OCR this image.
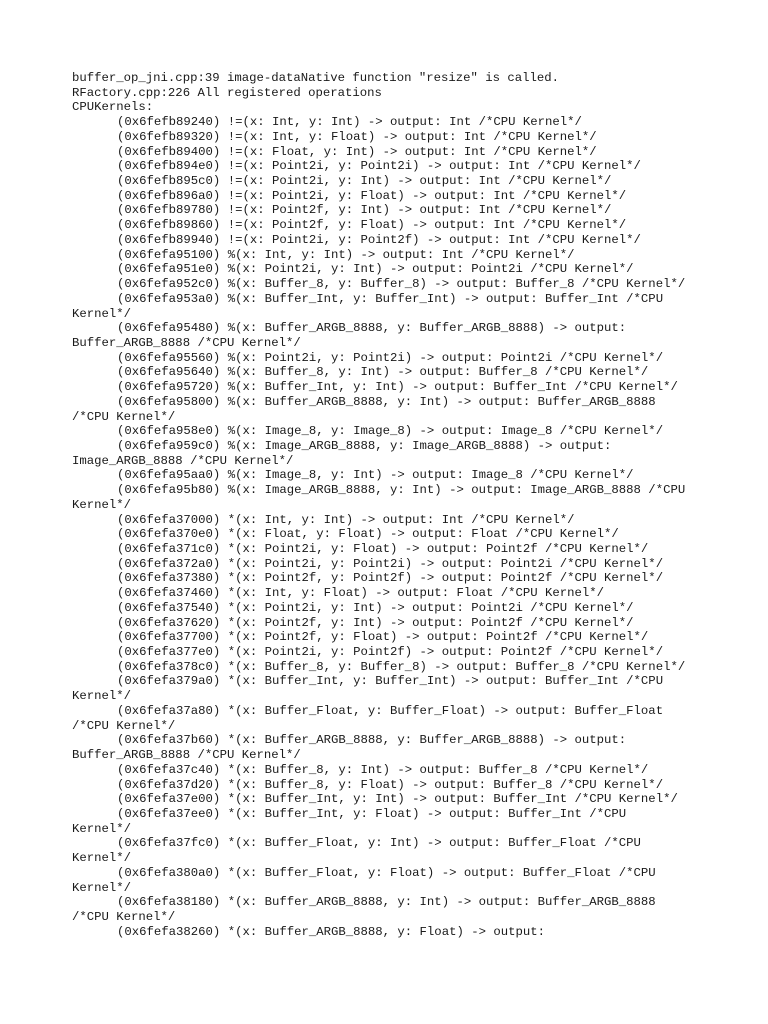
buffer_op_jni.cpp:39 image-dataNative function "resize" is called.
RFactory.cpp:226 All registered operations
CPUKernels:
(0x6fefb89240) !=(x: Int, y: Int) -> output: Int /*CPU Kernel*/
(0x6fefb89320) !=(x: Int, y: Float) -> output: Int /*CPU Kernel*/
(0x6fefb89400) !=(x: Float, y: Int) -> output: Int /*CPU Kernel*/
(0x6fefb894e0) !=(x: Point2i, y: Point2i) -> output: Int /*CPU Kernel*/
(0x6fefb895c0) !=(x: Point2i, y: Int) -> output: Int /*CPU Kernel*/
(0x6fefb896a0) !=(x: Point2i, y: Float) -> output: Int /*CPU Kernel*/
(0x6fefb89780) !=(x: Point2f, y: Int) -> output: Int /*CPU Kernel*/
(0x6fefb89860) !=(x: Point2f, y: Float) -> output: Int /*CPU Kernel*/
(0x6fefb89940) !=(x: Point2i, y: Point2f) -> output: Int /*CPU Kernel*/
(0x6fefa95100) %(x: Int, y: Int) -> output: Int /*CPU Kernel*/
(0x6fefa951e0) %(x: Point2i, y: Int) -> output: Point2i /*CPU Kernel*/
(0x6fefa952c0) %(x: Buffer_8, y: Buffer_8) -> output: Buffer_8 /*CPU Kernel*/
(0x6fefa953a0) %(x: Buffer_Int, y: Buffer_Int) -> output: Buffer_Int /*CPU
Kernel*/
(0x6fefa95480) %(x: Buffer_ARGB_8888, y: Buffer_ARGB_8888) -> output:
Buffer_ARGB_8888 /*CPU Kernel*/
(0x6fefa95560) %(x: Point2i, y: Point2i) -> output: Point2i /*CPU Kernel*/
(0x6fefa95640) %(x: Buffer_8, y: Int) -> output: Buffer_8 /*CPU Kernel*/
(0x6fefa95720) %(x: Buffer_Int, y: Int) -> output: Buffer_Int /*CPU Kernel*/
(0x6fefa95800) %(x: Buffer_ARGB_8888, y: Int) -> output: Buffer_ARGB_8888
/*CPU Kernel*/
(0x6fefa958e0) %(x: Image_8, y: Image_8) -> output: Image_8 /*CPU Kernel*/
(0x6fefa959c0) %(x: Image_ARGB_8888, y: Image_ARGB_8888) -> output:
Image_ARGB_8888 /*CPU Kernel*/
(0x6fefa95aa0) %(x: Image_8, y: Int) -> output: Image_8 /*CPU Kernel*/
(0x6fefa95b80) %(x: Image_ARGB_8888, y: Int) -> output: Image_ARGB_8888 /*CPU
Kernel*/
(0x6fefa37000) *(x: Int, y: Int) -> output: Int /*CPU Kernel*/
(0x6fefa370e0) *(x: Float, y: Float) -> output: Float /*CPU Kernel*/
(0x6fefa371c0) *(x: Point2i, y: Float) -> output: Point2f /*CPU Kernel*/
(0x6fefa372a0) *(x: Point2i, y: Point2i) -> output: Point2i /*CPU Kernel*/
(0x6fefa37380) *(x: Point2f, y: Point2f) -> output: Point2f /*CPU Kernel*/
(0x6fefa37460) *(x: Int, y: Float) -> output: Float /*CPU Kernel*/
(0x6fefa37540) *(x: Point2i, y: Int) -> output: Point2i /*CPU Kernel*/
(0x6fefa37620) *(x: Point2f, y: Int) -> output: Point2f /*CPU Kernel*/
(0x6fefa37700) *(x: Point2f, y: Float) -> output: Point2f /*CPU Kernel*/
(0x6fefa377e0) *(x: Point2i, y: Point2f) -> output: Point2f /*CPU Kernel*/
(0x6fefa378c0) *(x: Buffer_8, y: Buffer_8) -> output: Buffer_8 /*CPU Kernel*/
(0x6fefa379a0) *(x: Buffer_Int, y: Buffer_Int) -> output: Buffer_Int /*CPU
Kernel*/
(0x6fefa37a80) *(x: Buffer_Float, y: Buffer_Float) -> output: Buffer_Float
/*CPU Kernel*/
(0x6fefa37b60) *(x: Buffer_ARGB_8888, y: Buffer_ARGB_8888) -> output:
Buffer_ARGB_8888 /*CPU Kernel*/
(0x6fefa37c40) *(x: Buffer_8, y: Int) -> output: Buffer_8 /*CPU Kernel*/
(0x6fefa37d20) *(x: Buffer_8, y: Float) -> output: Buffer_8 /*CPU Kernel*/
(0x6fefa37e00) *(x: Buffer_Int, y: Int) -> output: Buffer_Int /*CPU Kernel*/
(0x6fefa37ee0) *(x: Buffer_Int, y: Float) -> output: Buffer_Int /*CPU
Kernel*/
(0x6fefa37fc0) *(x: Buffer_Float, y: Int) -> output: Buffer_Float /*CPU
Kernel*/
(0x6fefa380a0) *(x: Buffer_Float, y: Float) -> output: Buffer_Float /*CPU
Kernel*/
(0x6fefa38180) *(x: Buffer_ARGB_8888, y: Int) -> output: Buffer_ARGB_8888
/*CPU Kernel*/
(0x6fefa38260) *(x: Buffer_ARGB_8888, y: Float) -> output:
